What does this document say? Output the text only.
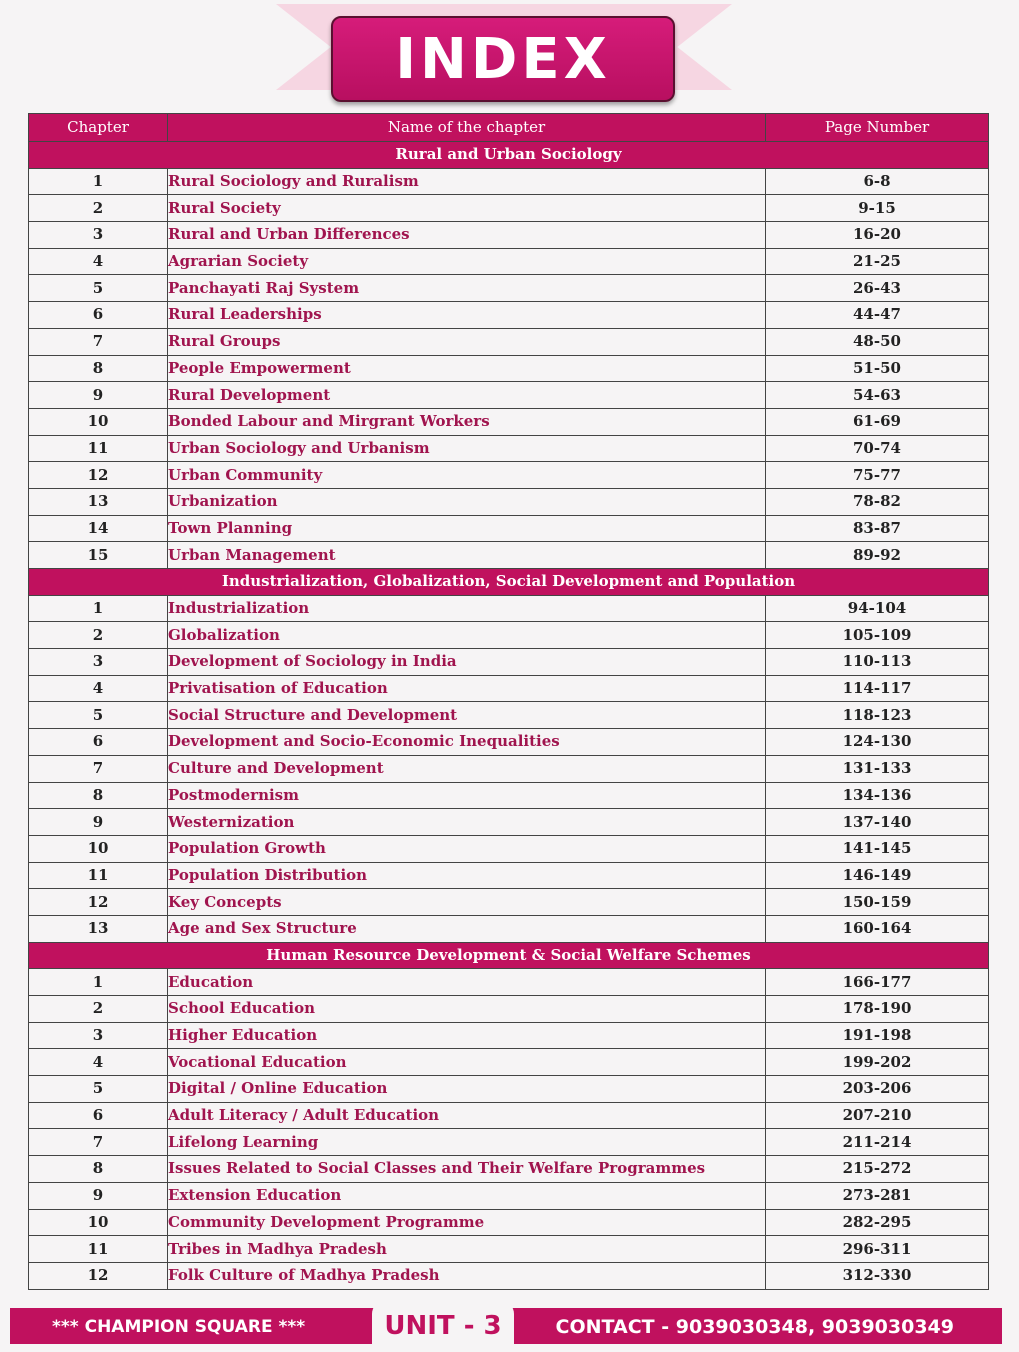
INDEX
Chapter	Name of the chapter	Page Number
Rural and Urban Sociology		
1	Rural Sociology and Ruralism	6-8
2	Rural Society	9-15
3	Rural and Urban Differences	16-20
4	Agrarian Society	21-25
5	Panchayati Raj System	26-43
6	Rural Leaderships	44-47
7	Rural Groups	48-50
8	People Empowerment	51-50
9	Rural Development	54-63
10	Bonded Labour and Mirgrant Workers	61-69
11	Urban Sociology and Urbanism	70-74
12	Urban Community	75-77
13	Urbanization	78-82
14	Town Planning	83-87
15	Urban Management	89-92
Industrialization, Globalization, Social Development and Population		
1	Industrialization	94-104
2	Globalization	105-109
3	Development of Sociology in India	110-113
4	Privatisation of Education	114-117
5	Social Structure and Development	118-123
6	Development and Socio-Economic Inequalities	124-130
7	Culture and Development	131-133
8	Postmodernism	134-136
9	Westernization	137-140
10	Population Growth	141-145
11	Population Distribution	146-149
12	Key Concepts	150-159
13	Age and Sex Structure	160-164
Human Resource Development & Social Welfare Schemes		
1	Education	166-177
2	School Education	178-190
3	Higher Education	191-198
4	Vocational Education	199-202
5	Digital / Online Education	203-206
6	Adult Literacy / Adult Education	207-210
7	Lifelong Learning	211-214
8	Issues Related to Social Classes and Their Welfare Programmes	215-272
9	Extension Education	273-281
10	Community Development Programme	282-295
11	Tribes in Madhya Pradesh	296-311
12	Folk Culture of Madhya Pradesh	312-330
*** CHAMPION SQUARE ***	UNIT - 3	CONTACT - 9039030348, 9039030349
